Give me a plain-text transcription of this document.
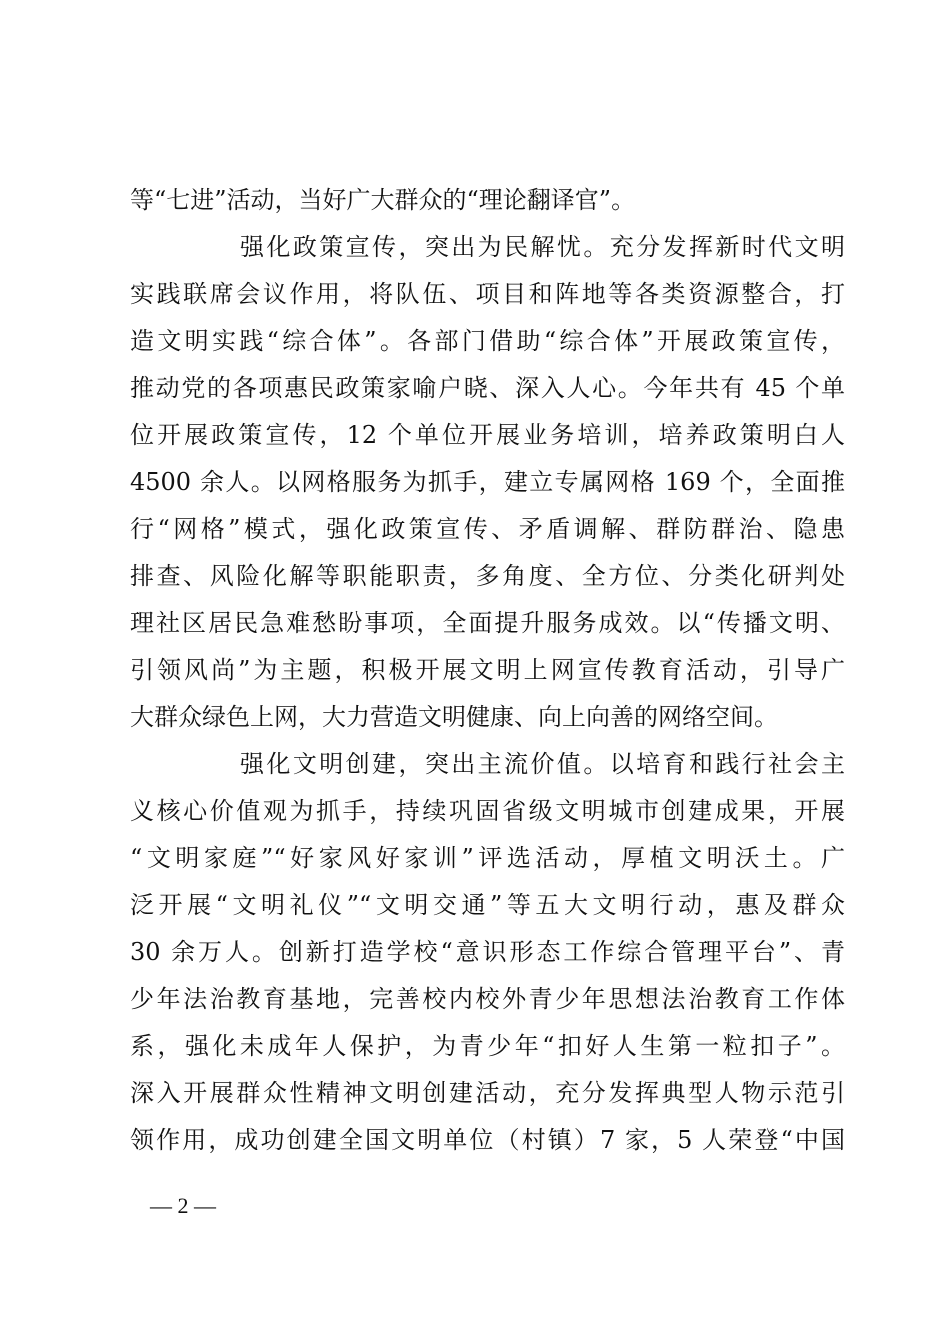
等“七进”活动，当好广大群众的“理论翻译官”。
强化政策宣传，突出为民解忧。充分发挥新时代文明
实践联席会议作用，将队伍、项目和阵地等各类资源整合，打
造文明实践“综合体”。各部门借助“综合体”开展政策宣传，
推动党的各项惠民政策家喻户晓、深入人心。今年共有 45 个单
位开展政策宣传，12 个单位开展业务培训，培养政策明白人
4500 余人。以网格服务为抓手，建立专属网格 169 个，全面推
行“网格”模式，强化政策宣传、矛盾调解、群防群治、隐患
排查、风险化解等职能职责，多角度、全方位、分类化研判处
理社区居民急难愁盼事项，全面提升服务成效。以“传播文明、
引领风尚”为主题，积极开展文明上网宣传教育活动，引导广
大群众绿色上网，大力营造文明健康、向上向善的网络空间。
强化文明创建，突出主流价值。以培育和践行社会主
义核心价值观为抓手，持续巩固省级文明城市创建成果，开展
“文明家庭”“好家风好家训”评选活动，厚植文明沃土。广
泛开展“文明礼仪”“文明交通”等五大文明行动，惠及群众
30 余万人。创新打造学校“意识形态工作综合管理平台”、青
少年法治教育基地，完善校内校外青少年思想法治教育工作体
系，强化未成年人保护，为青少年“扣好人生第一粒扣子”。
深入开展群众性精神文明创建活动，充分发挥典型人物示范引
领作用，成功创建全国文明单位（村镇）7 家，5 人荣登“中国
— 2 —
